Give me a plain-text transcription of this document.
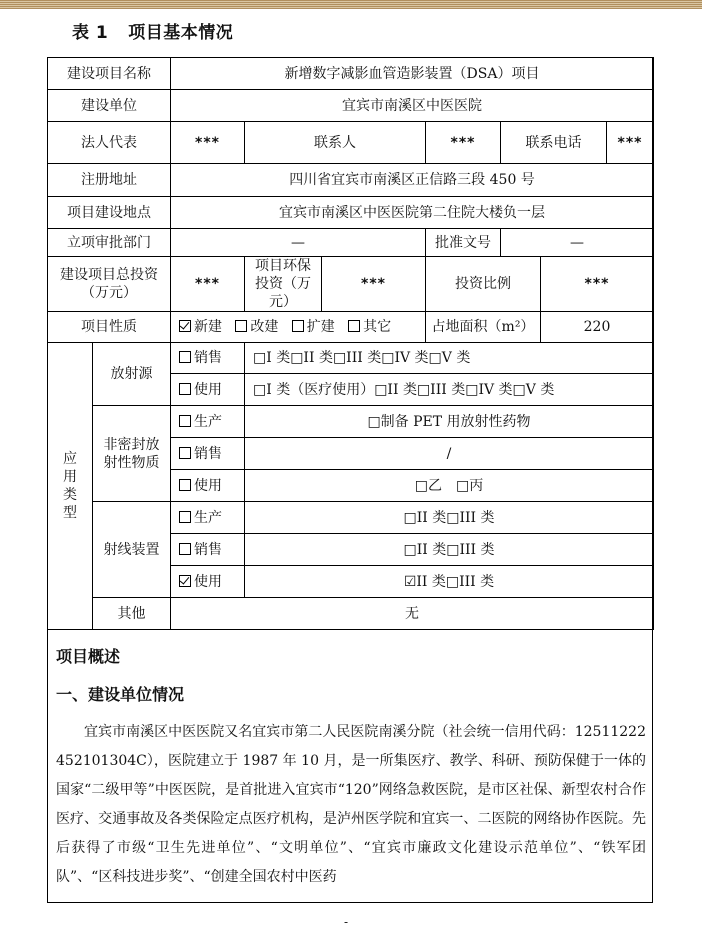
表 1 项目基本情况
建设项目名称		新增数字减影血管造影装置（DSA）项目						
建设单位		宜宾市南溪区中医医院						
法人代表		***	联系人		***	联系电话		***
注册地址		四川省宜宾市南溪区正信路三段 450 号						
项目建设地点		宜宾市南溪区中医医院第二住院大楼负一层						
立项审批部门		—			批准文号	—		
建设项目总投资（万元）		***	项目环保投资（万元）	***	投资比例		***	
项目性质		新建 改建 扩建 其它			占地面积（m²）		220	
应
用
类
型	放射源	销售	□I 类□II 类□III 类□IV 类□V 类					
		使用	□I 类（医疗使用）□II 类□III 类□IV 类□V 类					
	非密封放
射性物质	生产	□制备 PET 用放射性药物					
		销售	/					
		使用	□乙　□丙					
	射线装置	生产	□II 类□III 类					
		销售	□II 类□III 类					
		使用	☑II 类□III 类					
	其他	无						
项目概述
一、建设单位情况
宜宾市南溪区中医医院又名宜宾市第二人民医院南溪分院（社会统一信用代码：12511222452101304C），医院建立于 1987 年 10 月，是一所集医疗、教学、科研、预防保健于一体的国家“二级甲等”中医医院，是首批进入宜宾市“120”网络急救医院，是市区社保、新型农村合作医疗、交通事故及各类保险定点医疗机构，是泸州医学院和宜宾一、二医院的网络协作医院。先后获得了市级“卫生先进单位”、“文明单位”、“宜宾市廉政文化建设示范单位”、“铁军团队”、“区科技进步奖”、“创建全国农村中医药
-
